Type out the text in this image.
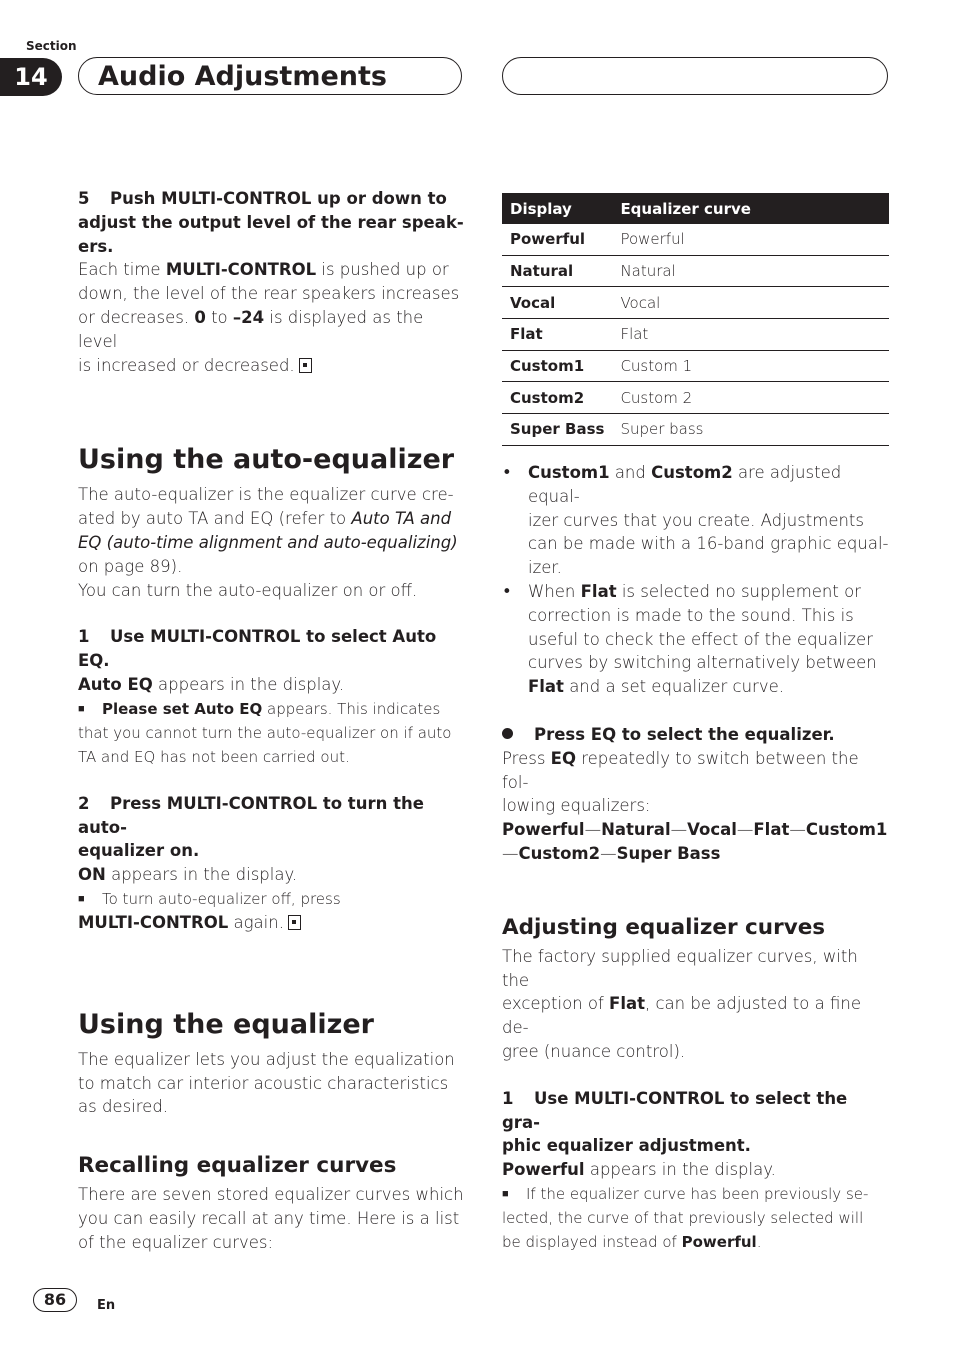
Section
14	Audio Adjustments

5 Push MULTI-CONTROL up or down to

adjust the output level of the rear speak-

ers.

Each time MULTI-CONTROL is pushed up or

down, the level of the rear speakers increases

or decreases. 0 to –24 is displayed as the level

is increased or decreased.

Using the auto-equalizer

The auto-equalizer is the equalizer curve cre-

ated by auto TA and EQ (refer to Auto TA and

EQ (auto-time alignment and auto-equalizing)

on page 89).

You can turn the auto-equalizer on or off.

1 Use MULTI-CONTROL to select Auto EQ.

Auto EQ appears in the display.

■ Please set Auto EQ appears. This indicates

that you cannot turn the auto-equalizer on if auto

TA and EQ has not been carried out.

2 Press MULTI-CONTROL to turn the auto-

equalizer on.

ON appears in the display.

■ To turn auto-equalizer off, press

MULTI-CONTROL again.

Using the equalizer

The equalizer lets you adjust the equalization

to match car interior acoustic characteristics

as desired.

Recalling equalizer curves

There are seven stored equalizer curves which

you can easily recall at any time. Here is a list

of the equalizer curves:

Display	Equalizer curve
Powerful	Powerful
Natural	Natural
Vocal	Vocal
Flat	Flat
Custom1	Custom 1
Custom2	Custom 2
Super Bass	Super bass

• Custom1 and Custom2 are adjusted equal-

izer curves that you create. Adjustments

can be made with a 16-band graphic equal-

izer.

• When Flat is selected no supplement or

correction is made to the sound. This is

useful to check the effect of the equalizer

curves by switching alternatively between

Flat and a set equalizer curve.

Press EQ to select the equalizer.

Press EQ repeatedly to switch between the fol-

lowing equalizers:

Powerful—Natural—Vocal—Flat—Custom1

—Custom2—Super Bass

Adjusting equalizer curves

The factory supplied equalizer curves, with the

exception of Flat, can be adjusted to a fine de-

gree (nuance control).

1 Use MULTI-CONTROL to select the gra-

phic equalizer adjustment.

Powerful appears in the display.

■ If the equalizer curve has been previously se-

lected, the curve of that previously selected will

be displayed instead of Powerful.

86	En
